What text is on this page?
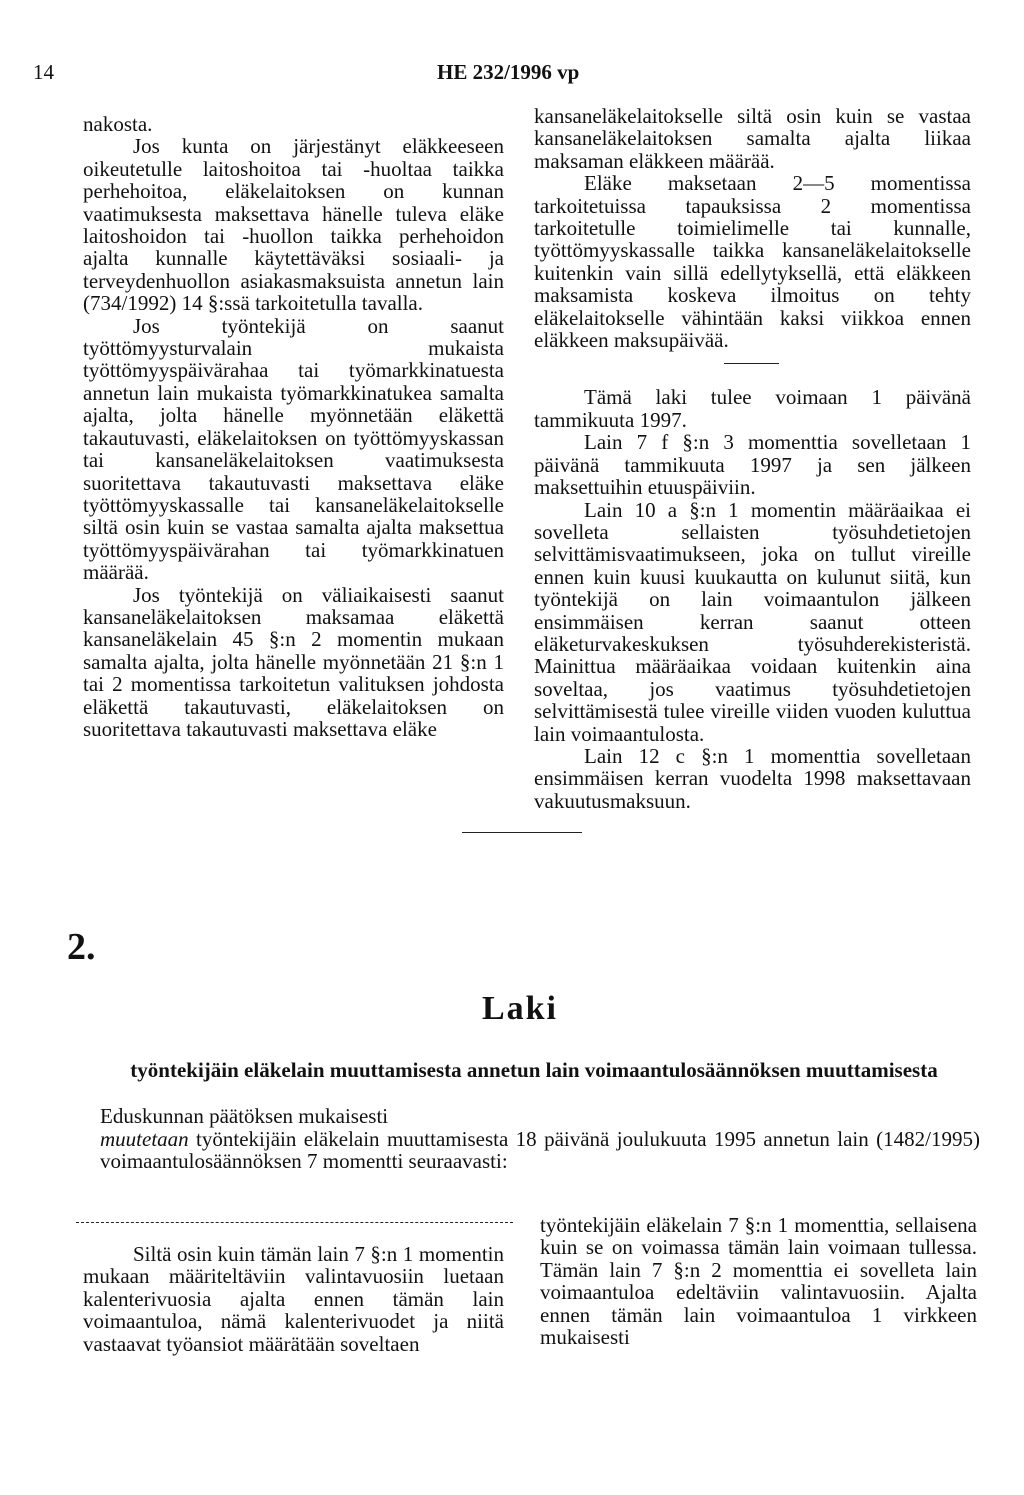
14	HE 232/1996 vp

nakosta.

Jos kunta on järjestänyt eläkkeeseen oikeutetulle laitoshoitoa tai -huoltaa taikka perhehoitoa, eläkelaitoksen on kunnan vaatimuksesta maksettava hänelle tuleva eläke laitoshoidon tai -huollon taikka perhehoidon ajalta kunnalle käytettäväksi sosiaali- ja terveydenhuollon asiakasmaksuista annetun lain (734/1992) 14 §:ssä tarkoitetulla tavalla.

Jos työntekijä on saanut työttömyysturvalain mukaista työttömyyspäivärahaa tai työmarkkinatuesta annetun lain mukaista työmarkkinatukea samalta ajalta, jolta hänelle myönnetään eläkettä takautuvasti, eläkelaitoksen on työttömyyskassan tai kansaneläkelaitoksen vaatimuksesta suoritettava takautuvasti maksettava eläke työttömyyskassalle tai kansaneläkelaitokselle siltä osin kuin se vastaa samalta ajalta maksettua työttömyyspäivärahan tai työmarkkinatuen määrää.

Jos työntekijä on väliaikaisesti saanut kansaneläkelaitoksen maksamaa eläkettä kansaneläkelain 45 §:n 2 momentin mukaan samalta ajalta, jolta hänelle myönnetään 21 §:n 1 tai 2 momentissa tarkoitetun valituksen johdosta eläkettä takautuvasti, eläkelaitoksen on suoritettava takautuvasti maksettava eläke

kansaneläkelaitokselle siltä osin kuin se vastaa kansaneläkelaitoksen samalta ajalta liikaa maksaman eläkkeen määrää.

Eläke maksetaan 2—5 momentissa tarkoitetuissa tapauksissa 2 momentissa tarkoitetulle toimielimelle tai kunnalle, työttömyyskassalle taikka kansaneläkelaitokselle kuitenkin vain sillä edellytyksellä, että eläkkeen maksamista koskeva ilmoitus on tehty eläkelaitokselle vähintään kaksi viikkoa ennen eläkkeen maksupäivää.

Tämä laki tulee voimaan 1 päivänä tammikuuta 1997.

Lain 7 f §:n 3 momenttia sovelletaan 1 päivänä tammikuuta 1997 ja sen jälkeen maksettuihin etuuspäiviin.

Lain 10 a §:n 1 momentin määräaikaa ei sovelleta sellaisten työsuhdetietojen selvittämisvaatimukseen, joka on tullut vireille ennen kuin kuusi kuukautta on kulunut siitä, kun työntekijä on lain voimaantulon jälkeen ensimmäisen kerran saanut otteen eläketurvakeskuksen työsuhderekisteristä. Mainittua määräaikaa voidaan kuitenkin aina soveltaa, jos vaatimus työsuhdetietojen selvittämisestä tulee vireille viiden vuoden kuluttua lain voimaantulosta.

Lain 12 c §:n 1 momenttia sovelletaan ensimmäisen kerran vuodelta 1998 maksettavaan vakuutusmaksuun.

2.
Laki
työntekijäin eläkelain muuttamisesta annetun lain voimaantulosäännöksen muuttamisesta

Eduskunnan päätöksen mukaisesti

muutetaan työntekijäin eläkelain muuttamisesta 18 päivänä joulukuuta 1995 annetun lain (1482/1995) voimaantulosäännöksen 7 momentti seuraavasti:

Siltä osin kuin tämän lain 7 §:n 1 momentin mukaan määriteltäviin valintavuosiin luetaan kalenterivuosia ajalta ennen tämän lain voimaantuloa, nämä kalenterivuodet ja niitä vastaavat työansiot määrätään soveltaen

työntekijäin eläkelain 7 §:n 1 momenttia, sellaisena kuin se on voimassa tämän lain voimaan tullessa. Tämän lain 7 §:n 2 momenttia ei sovelleta lain voimaantuloa edeltäviin valintavuosiin. Ajalta ennen tämän lain voimaantuloa 1 virkkeen mukaisesti
